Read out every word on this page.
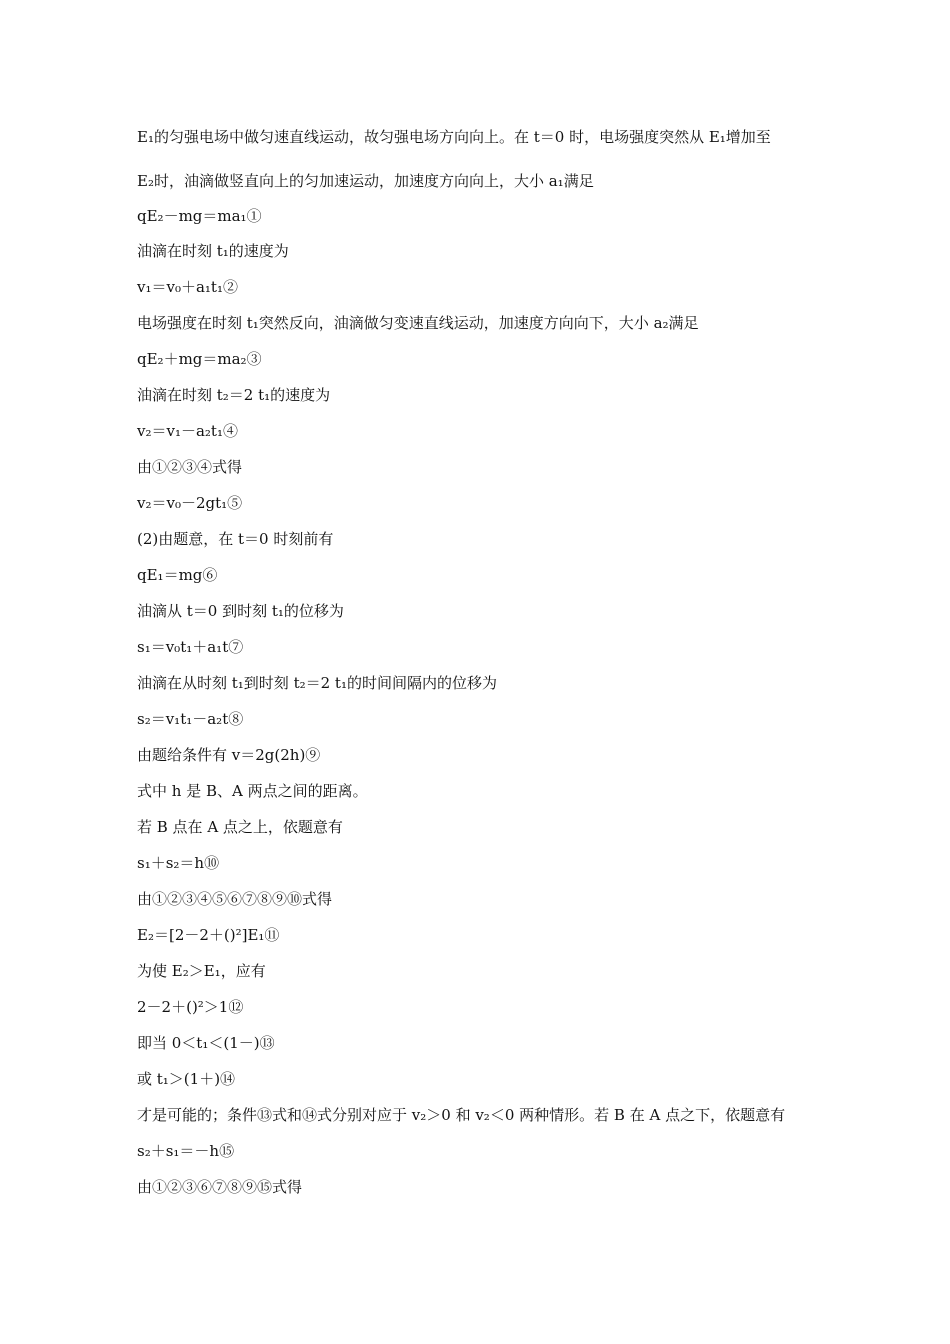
E₁的匀强电场中做匀速直线运动，故匀强电场方向向上。在 t＝0 时，电场强度突然从 E₁增加至
E₂时，油滴做竖直向上的匀加速运动，加速度方向向上，大小 a₁满足
qE₂－mg＝ma₁①
油滴在时刻 t₁的速度为
v₁＝v₀＋a₁t₁②
电场强度在时刻 t₁突然反向，油滴做匀变速直线运动，加速度方向向下，大小 a₂满足
qE₂＋mg＝ma₂③
油滴在时刻 t₂＝2 t₁的速度为
v₂＝v₁－a₂t₁④
由①②③④式得
v₂＝v₀－2gt₁⑤
(2)由题意，在 t＝0 时刻前有
qE₁＝mg⑥
油滴从 t＝0 到时刻 t₁的位移为
s₁＝v₀t₁＋a₁t⑦
油滴在从时刻 t₁到时刻 t₂＝2 t₁的时间间隔内的位移为
s₂＝v₁t₁－a₂t⑧
由题给条件有 v＝2g(2h)⑨
式中 h 是 B、A 两点之间的距离。
若 B 点在 A 点之上，依题意有
s₁＋s₂＝h⑩
由①②③④⑤⑥⑦⑧⑨⑩式得
E₂＝[2－2＋()²]E₁⑪
为使 E₂＞E₁，应有
2－2＋()²＞1⑫
即当 0＜t₁＜(1－)⑬
或 t₁＞(1＋)⑭
才是可能的；条件⑬式和⑭式分别对应于 v₂＞0 和 v₂＜0 两种情形。若 B 在 A 点之下，依题意有
s₂＋s₁＝－h⑮
由①②③⑥⑦⑧⑨⑮式得
